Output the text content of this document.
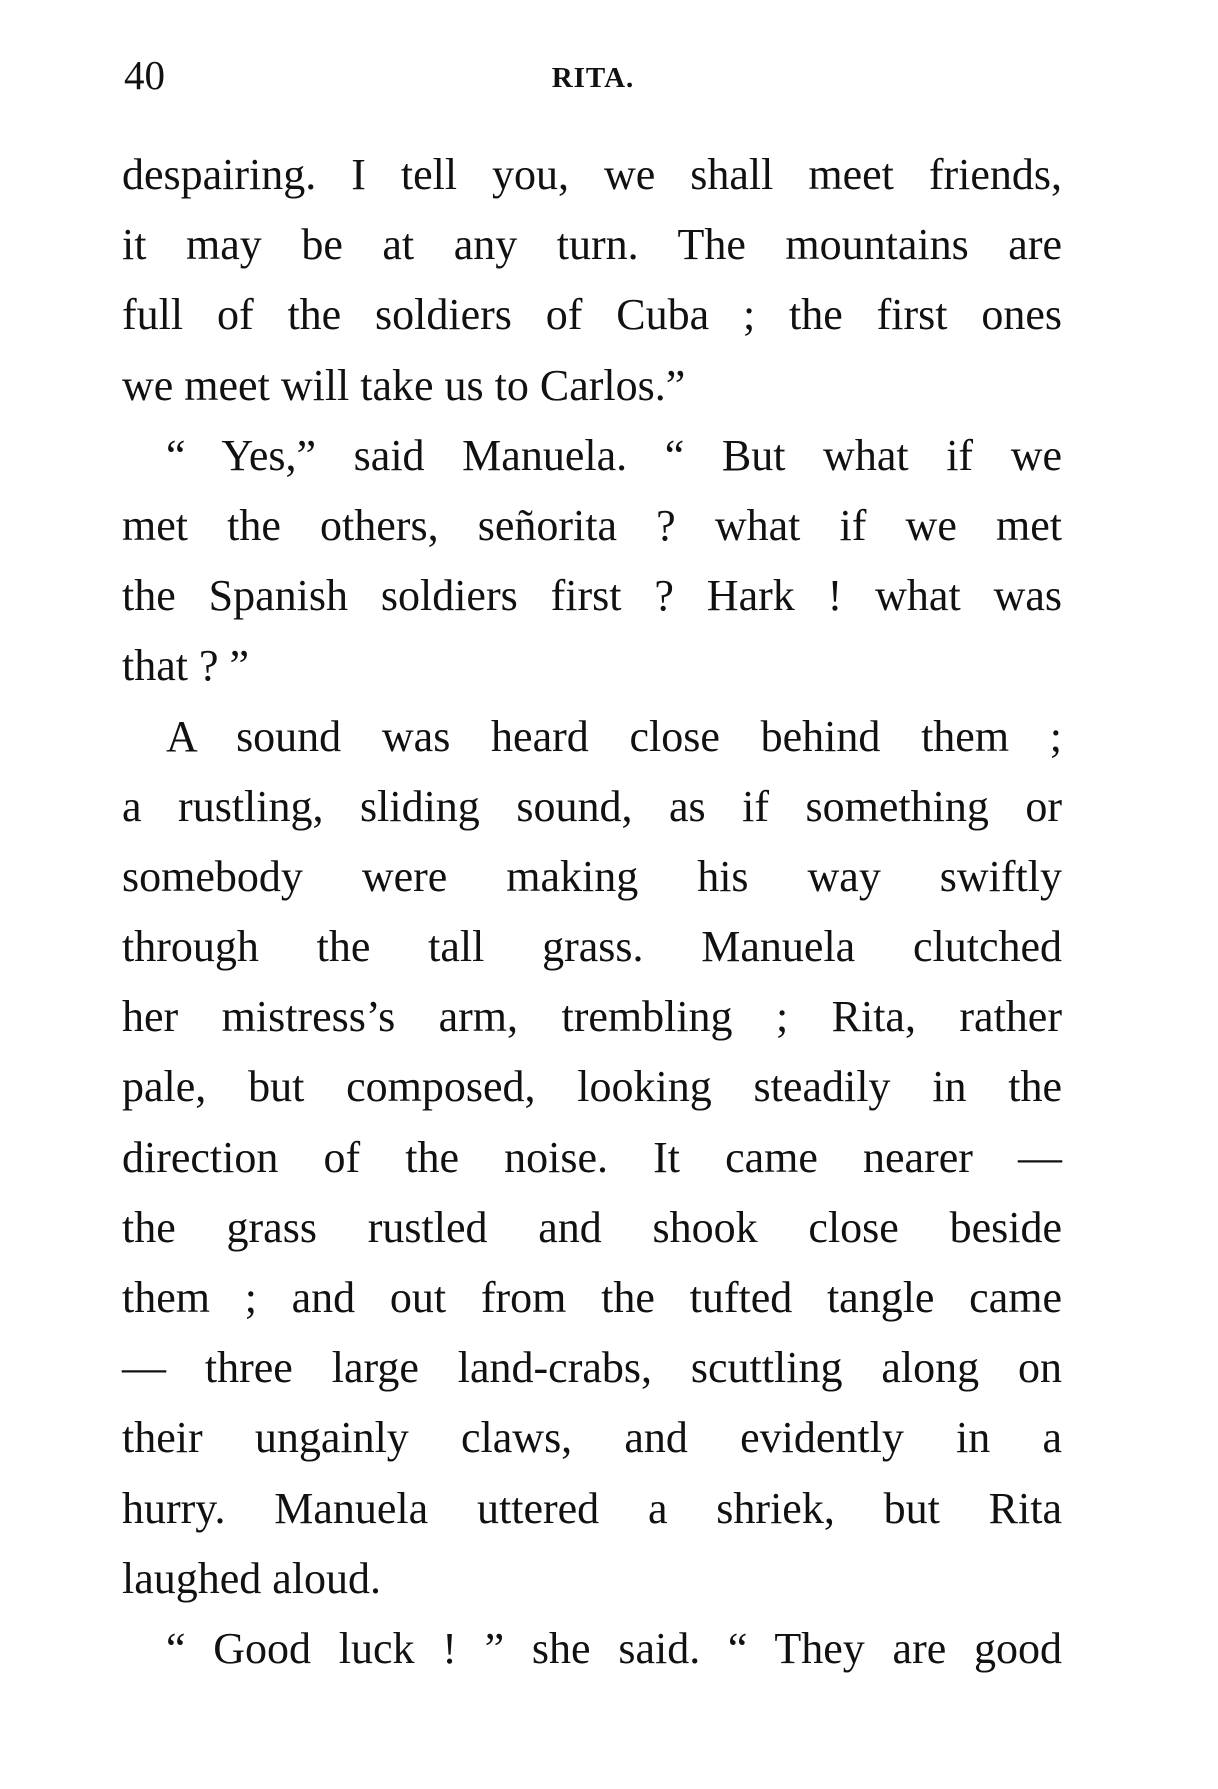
40	RITA.
despairing. I tell you, we shall meet friends,
it may be at any turn. The mountains are
full of the soldiers of Cuba ; the first ones
we meet will take us to Carlos.”
“ Yes,” said Manuela. “ But what if we
met the others, señorita ? what if we met
the Spanish soldiers first ? Hark ! what was
that ? ”
A sound was heard close behind them ;
a rustling, sliding sound, as if something or
somebody were making his way swiftly
through the tall grass. Manuela clutched
her mistress’s arm, trembling ; Rita, rather
pale, but composed, looking steadily in the
direction of the noise. It came nearer —
the grass rustled and shook close beside
them ; and out from the tufted tangle came
— three large land-crabs, scuttling along on
their ungainly claws, and evidently in a
hurry. Manuela uttered a shriek, but Rita
laughed aloud.
“ Good luck ! ” she said. “ They are good
